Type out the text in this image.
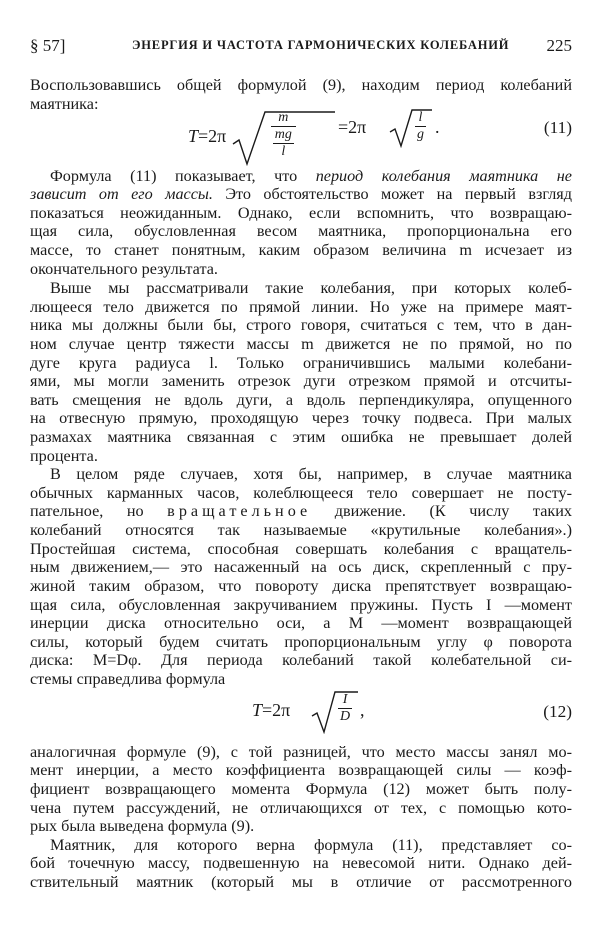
§ 57]	ЭНЕРГИЯ И ЧАСТОТА ГАРМОНИЧЕСКИХ КОЛЕБАНИЙ 225
Воспользовавшись общей формулой (9), находим период колебаний
маятника:
T=2π	$\frac{m}{\frac{mg}{l}} =2\pi$	$\frac{l}{g}$ .	(11)
Формула (11) показывает, что период колебания маятника не
зависит от его массы. Это обстоятельство может на первый взгляд
показаться неожиданным. Однако, если вспомнить, что возвращаю-
щая сила, обусловленная весом маятника, пропорциональна его
массе, то станет понятным, каким образом величина m исчезает из
окончательного результата.
Выше мы рассматривали такие колебания, при которых колеб-
лющееся тело движется по прямой линии. Но уже на примере маят-
ника мы должны были бы, строго говоря, считаться с тем, что в дан-
ном случае центр тяжести массы m движется не по прямой, но по
дуге круга радиуса l. Только ограничившись малыми колебани-
ями, мы могли заменить отрезок дуги отрезком прямой и отсчиты-
вать смещения не вдоль дуги, а вдоль перпендикуляра, опущенного
на отвесную прямую, проходящую через точку подвеса. При малых
размахах маятника связанная с этим ошибка не превышает долей
процента.
В целом ряде случаев, хотя бы, например, в случае маятника
обычных карманных часов, колеблющееся тело совершает не посту-
пательное, но вращательное движение. (К числу таких
колебаний относятся так называемые «крутильные колебания».)
Простейшая система, способная совершать колебания с вращатель-
ным движением,— это насаженный на ось диск, скрепленный с пру-
жиной таким образом, что повороту диска препятствует возвращаю-
щая сила, обусловленная закручиванием пружины. Пусть I —момент
инерции диска относительно оси, а M —момент возвращающей
силы, который будем считать пропорциональным углу φ поворота
диска: M=Dφ. Для периода колебаний такой колебательной си-
стемы справедлива формула
T=2π	$\frac{I}{D}$ ,	(12)
аналогичная формуле (9), с той разницей, что место массы занял мо-
мент инерции, а место коэффициента возвращающей силы — коэф-
фициент возвращающего момента Формула (12) может быть полу-
чена путем рассуждений, не отличающихся от тех, с помощью кото-
рых была выведена формула (9).
Маятник, для которого верна формула (11), представляет со-
бой точечную массу, подвешенную на невесомой нити. Однако дей-
ствительный маятник (который мы в отличие от рассмотренного
